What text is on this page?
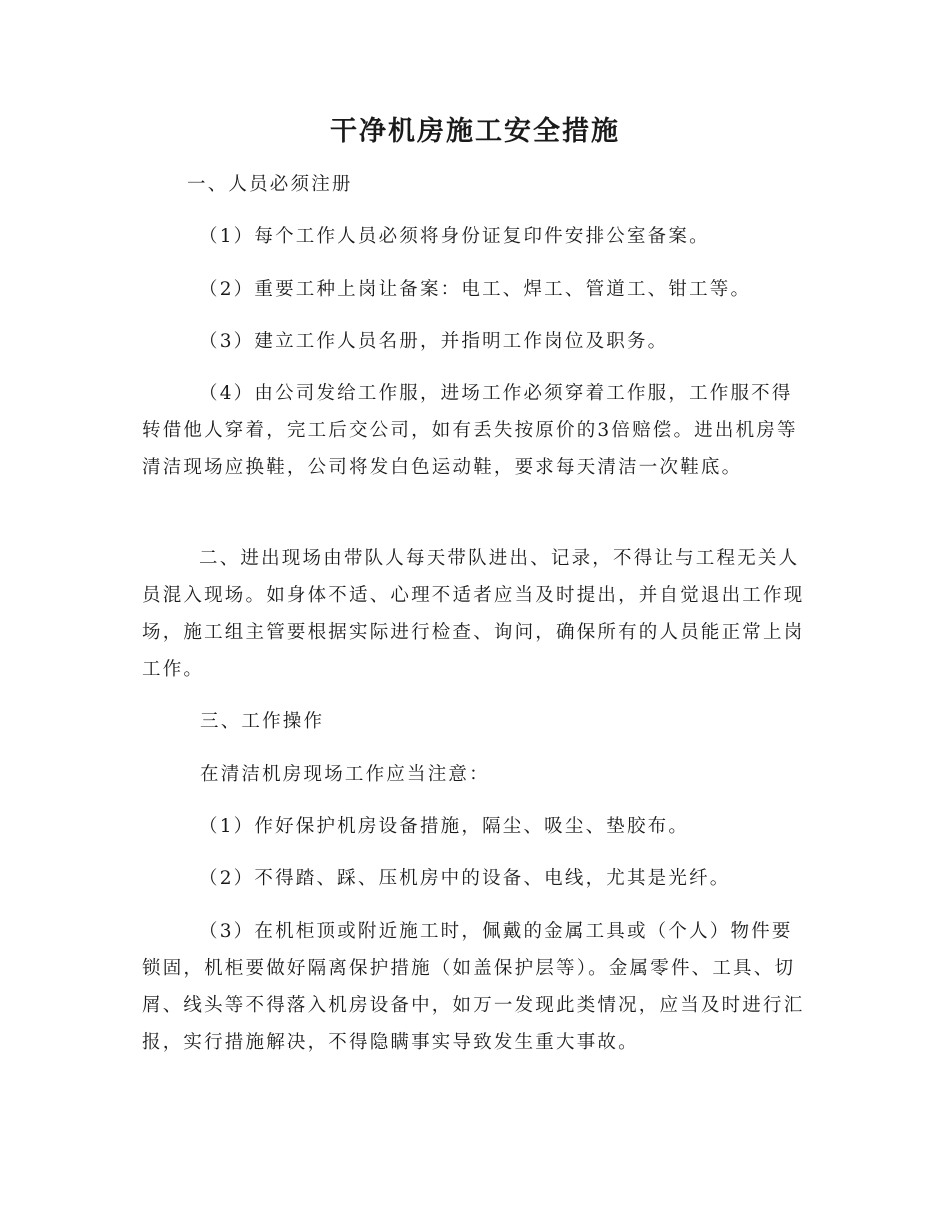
干净机房施工安全措施

一、人员必须注册

（1）每个工作人员必须将身份证复印件安排公室备案。

（2）重要工种上岗让备案：电工、焊工、管道工、钳工等。

（3）建立工作人员名册，并指明工作岗位及职务。

（4）由公司发给工作服，进场工作必须穿着工作服，工作服不得转借他人穿着，完工后交公司，如有丢失按原价的3倍赔偿。进出机房等清洁现场应换鞋，公司将发白色运动鞋，要求每天清洁一次鞋底。

二、进出现场由带队人每天带队进出、记录，不得让与工程无关人员混入现场。如身体不适、心理不适者应当及时提出，并自觉退出工作现场，施工组主管要根据实际进行检查、询问，确保所有的人员能正常上岗工作。

三、工作操作

在清洁机房现场工作应当注意：

（1）作好保护机房设备措施，隔尘、吸尘、垫胶布。

（2）不得踏、踩、压机房中的设备、电线，尤其是光纤。

（3）在机柜顶或附近施工时，佩戴的金属工具或（个人）物件要锁固，机柜要做好隔离保护措施（如盖保护层等）。金属零件、工具、切屑、线头等不得落入机房设备中，如万一发现此类情况，应当及时进行汇报，实行措施解决，不得隐瞒事实导致发生重大事故。
